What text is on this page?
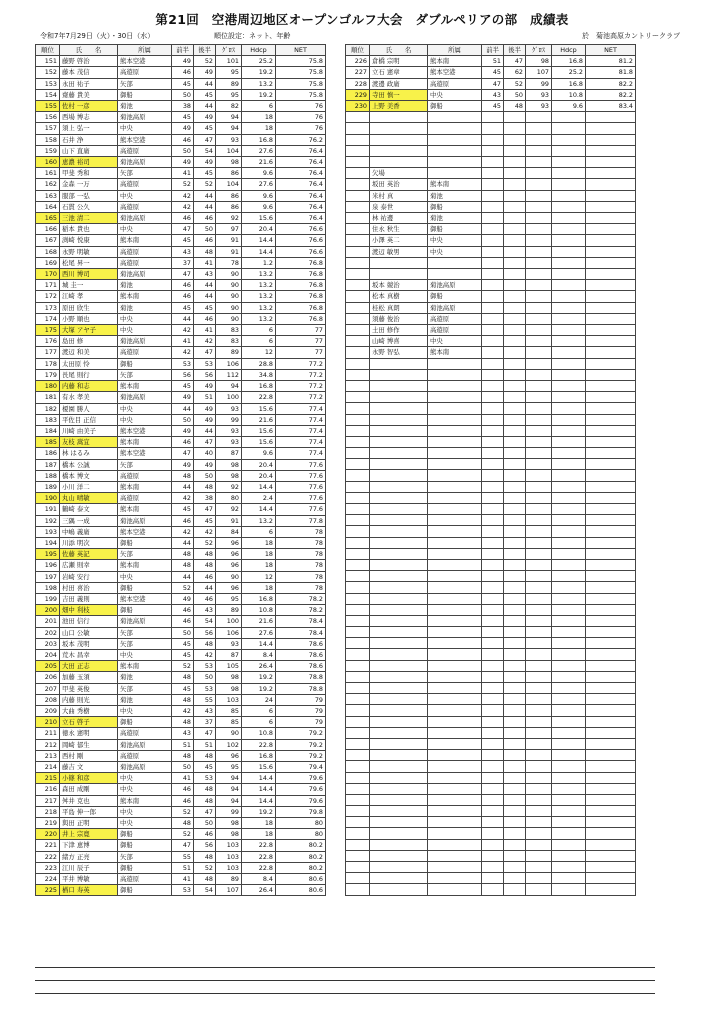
第21回　空港周辺地区オープンゴルフ大会　ダブルペリアの部　成績表
令和7年7月29日（火）・30日（水）	順位設定：ネット、年齢	於　菊池高原カントリークラブ
順位	氏　　名	所属	前半	後半	ｸﾞﾛｽ	Hdcp	NET
151	藤野 啓治	熊本空港	49	52	101	25.2	75.8
152	藤本 茂信	高遊原	46	49	95	19.2	75.8
153	永田 祐子	矢部	45	44	89	13.2	75.8
154	齋藤 貴美	御船	50	45	95	19.2	75.8
155	佐村 一彦	菊池	38	44	82	6	76
156	西場 博志	菊池高原	45	49	94	18	76
157	須上 弘一	中央	49	45	94	18	76
158	石井 浄	熊本空港	46	47	93	16.8	76.2
159	山下 直廣	高遊原	50	54	104	27.6	76.4
160	恵濃 裕司	菊池高原	49	49	98	21.6	76.4
161	甲斐 秀和	矢部	41	45	86	9.6	76.4
162	金森 一万	高遊原	52	52	104	27.6	76.4
163	服部 一弘	中央	42	44	86	9.6	76.4
164	石貫 公久	高遊原	42	44	86	9.6	76.4
165	三池 清二	菊池高原	46	46	92	15.6	76.4
166	稲本 貴也	中央	47	50	97	20.4	76.6
167	渕崎 悦康	熊本南	45	46	91	14.4	76.6
168	永野 明敏	高遊原	43	48	91	14.4	76.6
169	松尾 昇一	高遊原	37	41	78	1.2	76.8
170	西川 博司	菊池高原	47	43	90	13.2	76.8
171	城 圭一	菊池	46	44	90	13.2	76.8
172	江崎 孝	熊本南	46	44	90	13.2	76.8
173	原田 欣生	菊池	45	45	90	13.2	76.8
174	小野 順也	中央	44	46	90	13.2	76.8
175	大塚 アヤ子	中央	42	41	83	6	77
176	島田 修	菊池高原	41	42	83	6	77
177	渡辺 和美	高遊原	42	47	89	12	77
178	太田原 怜	御船	53	53	106	28.8	77.2
179	長尾 則行	矢部	56	56	112	34.8	77.2
180	内藤 和志	熊本南	45	49	94	16.8	77.2
181	有水 孝美	菊池高原	49	51	100	22.8	77.2
182	榎園 勝人	中央	44	49	93	15.6	77.4
183	平佐目 正信	中央	50	49	99	21.6	77.4
184	川崎 由美子	熊本空港	49	44	93	15.6	77.4
185	友枝 嵩宜	熊本南	46	47	93	15.6	77.4
186	林 はるみ	熊本空港	47	40	87	9.6	77.4
187	橋本 公誠	矢部	49	49	98	20.4	77.6
188	橋本 博文	高遊原	48	50	98	20.4	77.6
189	小川 洋二	熊本南	44	48	92	14.4	77.6
190	丸山 晴敏	高遊原	42	38	80	2.4	77.6
191	鶴崎 泰文	熊本南	45	47	92	14.4	77.6
192	三隅 一成	菊池高原	46	45	91	13.2	77.8
193	中嶋 義廣	熊本空港	42	42	84	6	78
194	川添 明次	御船	44	52	96	18	78
195	佐藤 英記	矢部	48	48	96	18	78
196	広瀬 則幸	熊本南	48	48	96	18	78
197	岩崎 安行	中央	44	46	90	12	78
198	村田 喜治	御船	52	44	96	18	78
199	吉田 義則	熊本空港	49	46	95	16.8	78.2
200	畑中 利枝	御船	46	43	89	10.8	78.2
201	池田 信行	菊池高原	46	54	100	21.6	78.4
202	山口 公敏	矢部	50	56	106	27.6	78.4
203	坂本 茂明	矢部	45	48	93	14.4	78.6
204	荒木 昌幸	中央	45	42	87	8.4	78.6
205	大田 正志	熊本南	52	53	105	26.4	78.6
206	加藤 玉須	菊池	48	50	98	19.2	78.8
207	甲斐 英俊	矢部	45	53	98	19.2	78.8
208	内藤 則光	菊池	48	55	103	24	79
209	大曲 秀樹	中央	42	43	85	6	79
210	立石 啓子	御船	48	37	85	6	79
211	徳永 憲明	高遊原	43	47	90	10.8	79.2
212	岡崎 郁生	菊池高原	51	51	102	22.8	79.2
213	西村 剛	高遊原	48	48	96	16.8	79.2
214	藤吉 文	菊池高原	50	45	95	15.6	79.4
215	小篠 和彦	中央	41	53	94	14.4	79.6
216	森田 成剛	中央	46	48	94	14.4	79.6
217	舛井 克也	熊本南	46	48	94	14.4	79.6
218	平島 伸一郎	中央	52	47	99	19.2	79.8
219	與田 正明	中央	48	50	98	18	80
220	井上 宗寛	御船	52	46	98	18	80
221	下津 恵博	御船	47	56	103	22.8	80.2
222	緒方 正亮	矢部	55	48	103	22.8	80.2
223	江川 辰子	御船	51	52	103	22.8	80.2
224	平井 博敏	高遊原	41	48	89	8.4	80.6
225	楢口 寿英	御船	53	54	107	26.4	80.6
順位	氏　　名	所属	前半	後半	ｸﾞﾛｽ	Hdcp	NET
226	倉橋 宗明	熊本南	51	47	98	16.8	81.2
227	立石 憲章	熊本空港	45	62	107	25.2	81.8
228	渡邊 政廣	高遊原	47	52	99	16.8	82.2
229	寺田 慎一	中央	43	50	93	10.8	82.2
230	上野 美香	御船	45	48	93	9.6	83.4

	欠場						
	坂田 英治	熊本南					
	米村 真	菊池					
	泉 泰世	御船					
	林 祐邊	菊池					
	住永 秋生	御船					
	小澤 英二	中央					
	渡辺 敏男	中央					

	坂本 競治	菊池高原					
	松本 真樹	御船					
	桂松 真朗	菊池高原					
	須藤 俊治	高遊原					
	土田 修作	高遊原					
	山崎 博喜	中央					
	永野 智弘	熊本南					
